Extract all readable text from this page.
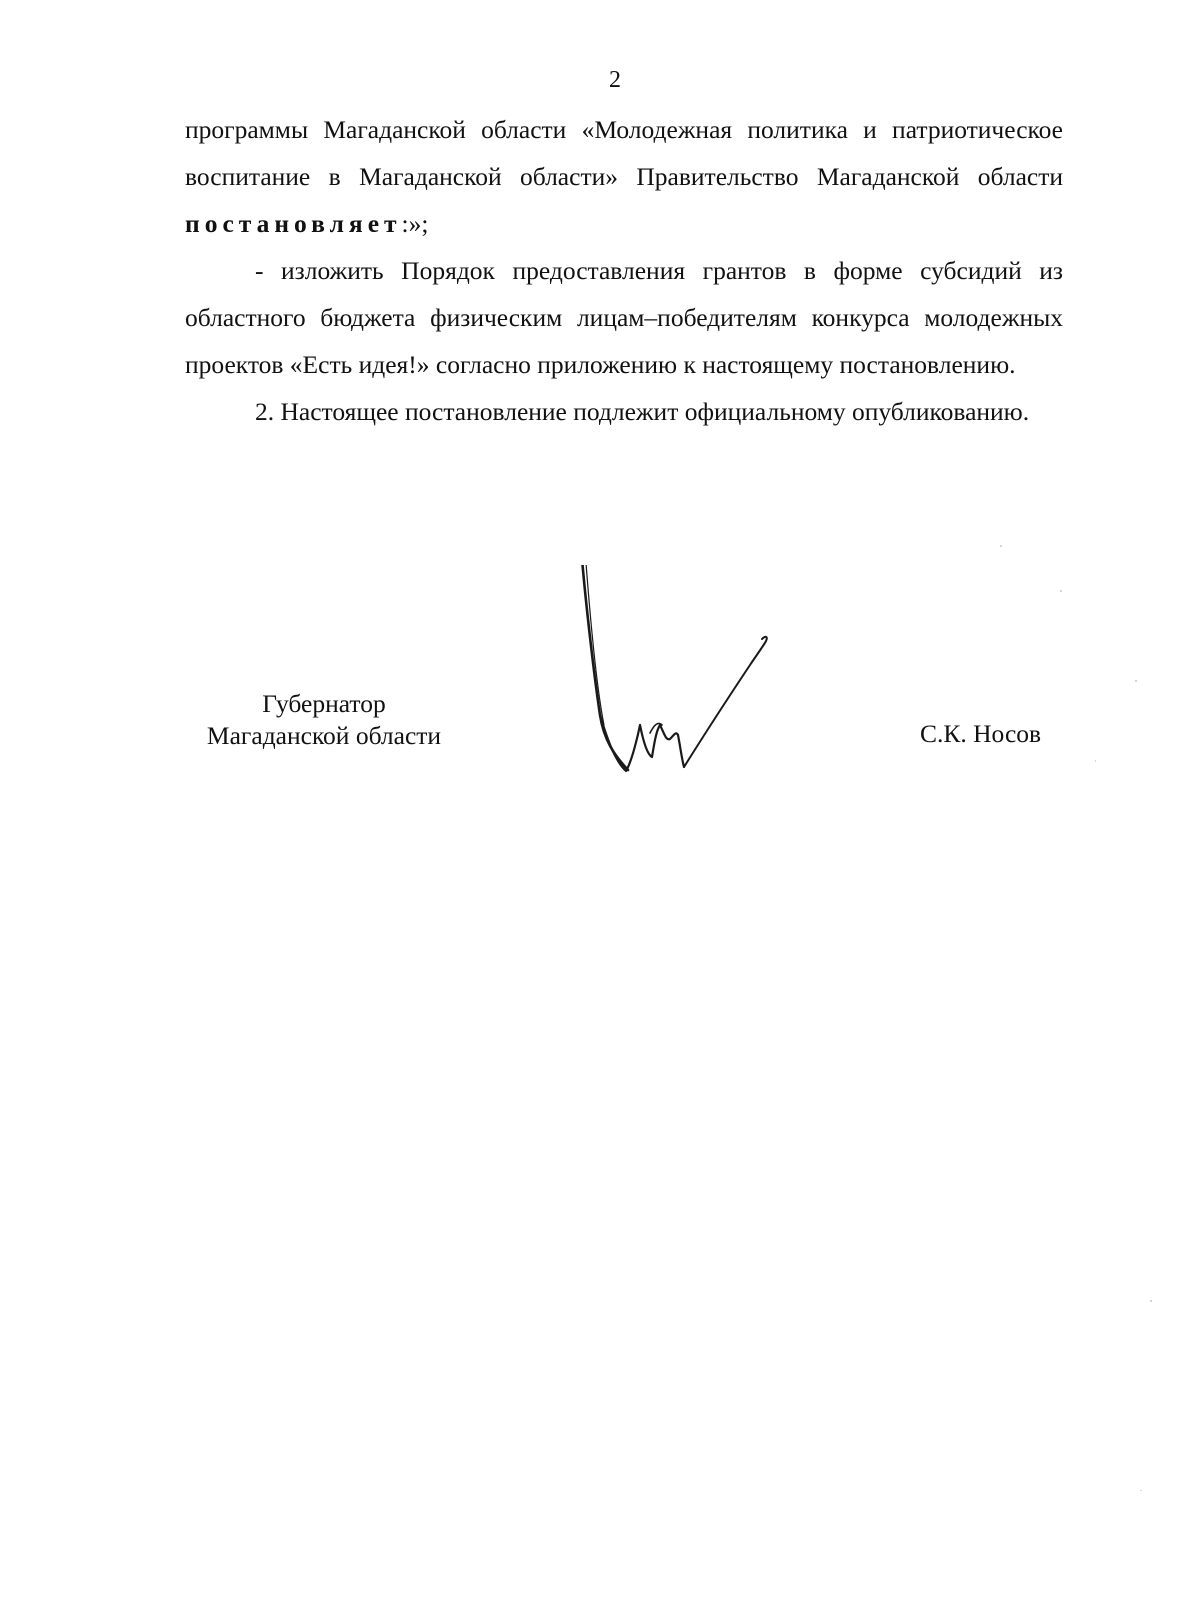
2

программы Магаданской области «Молодежная политика и патриотическое воспитание в Магаданской области» Правительство Магаданской области постановляет:»;

- изложить Порядок предоставления грантов в форме субсидий из областного бюджета физическим лицам–победителям конкурса молодежных проектов «Есть идея!» согласно приложению к настоящему постановлению.

2. Настоящее постановление подлежит официальному опубликованию.

Губернатор
Магаданской области	С.К. Носов
